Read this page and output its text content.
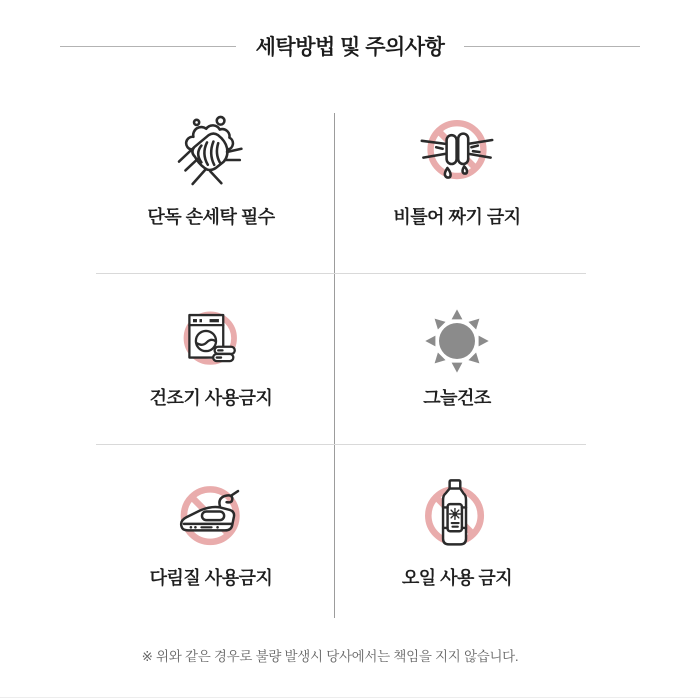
세탁방법 및 주의사항
단독 손세탁 필수	비틀어 짜기 금지
건조기 사용금지	그늘건조
다림질 사용금지	오일 사용 금지
※ 위와 같은 경우로 불량 발생시 당사에서는 책임을 지지 않습니다.
